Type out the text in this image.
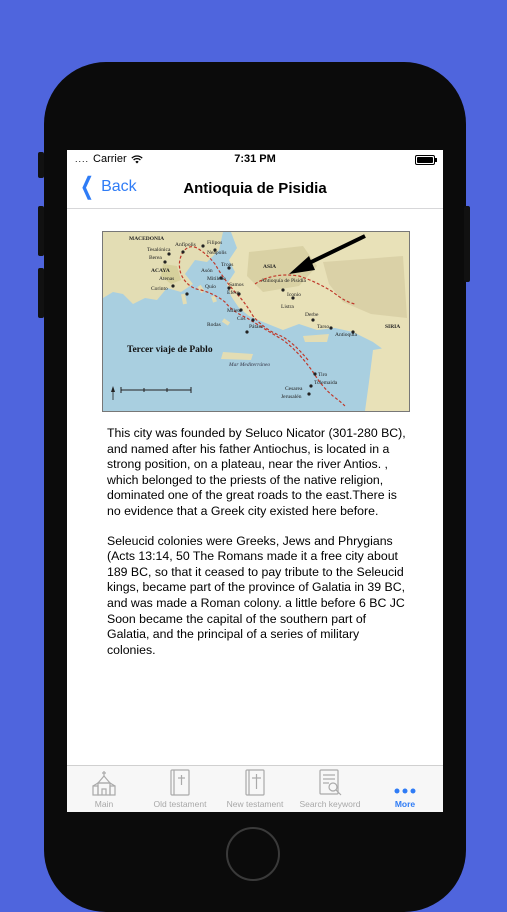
.... Carrier	7:31 PM
❮ Back	Antioquia de Pisidia
MACEDONIA
Anfípolis Filipos
Tesalónica	Neápolis
Berea
Troas
ACAYA	Asón
Atenas	Mitilene
Corinto	Quío Samos
Éfeso
ASIA
Antioquía de Pisidia
Iconio
Mileto
Cos
Rodas	Pátara
Listra
Derbe
Tarso
Antioquía
SIRIA
Tiro
Tolemaida
Cesarea
Jerusalén
Tercer viaje de Pablo
Mar Mediterráneo

This city was founded by Seluco Nicator (301-280 BC), and named after his father Antiochus, is located in a strong position, on a plateau, near the river Antios. , which belonged to the priests of the native religion, dominated one of the great roads to the east.There is no evidence that a Greek city existed here before.

Seleucid colonies were Greeks, Jews and Phrygians (Acts 13:14, 50 The Romans made it a free city about 189 BC, so that it ceased to pay tribute to the Seleucid kings, became part of the province of Galatia in 39 BC, and was made a Roman colony. a little before 6 BC JC Soon became the capital of the southern part of Galatia, and the principal of a series of military colonies.

Main	Old testament	New testament	Search keyword	More
